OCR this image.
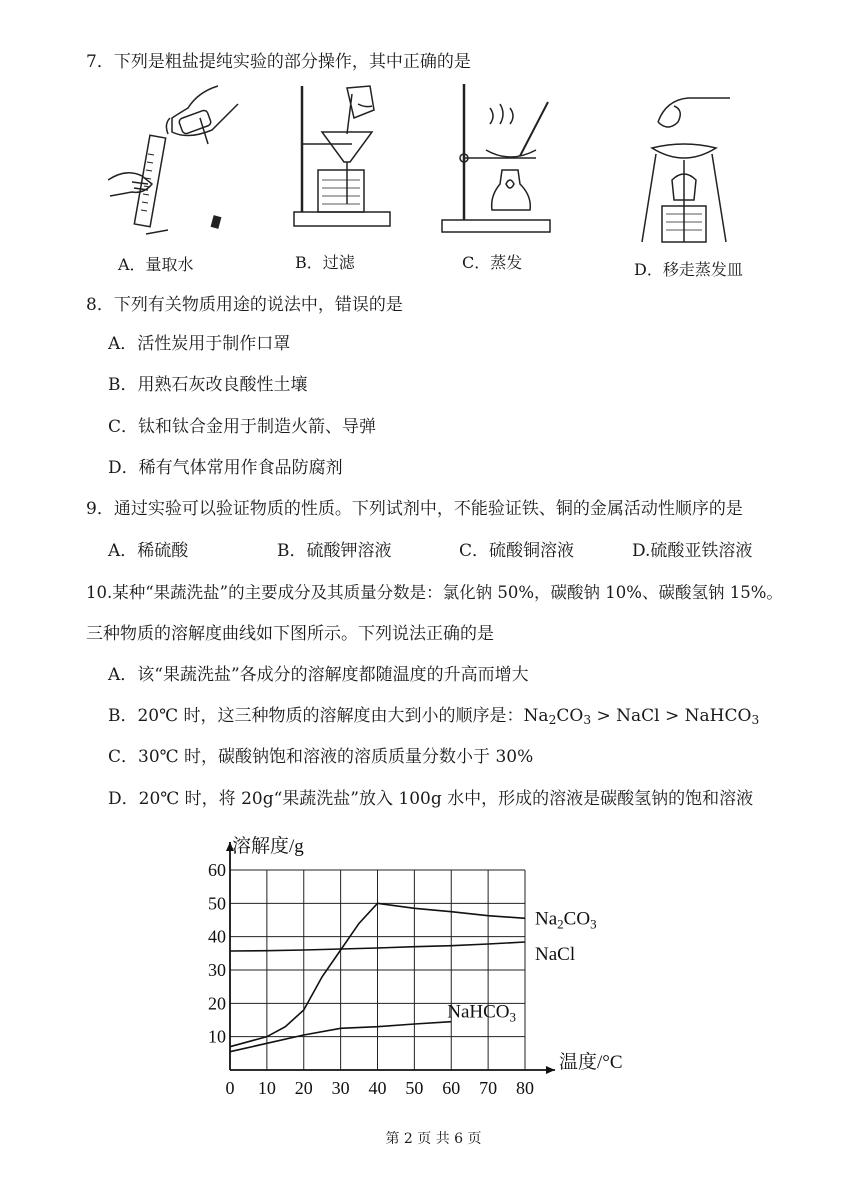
7．下列是粗盐提纯实验的部分操作，其中正确的是
A．量取水	B．过滤	C．蒸发	D．移走蒸发皿
8．下列有关物质用途的说法中，错误的是
A．活性炭用于制作口罩
B．用熟石灰改良酸性土壤
C．钛和钛合金用于制造火箭、导弹
D．稀有气体常用作食品防腐剂
9．通过实验可以验证物质的性质。下列试剂中，不能验证铁、铜的金属活动性顺序的是
A．稀硫酸	B．硫酸钾溶液	C．硫酸铜溶液	D.硫酸亚铁溶液
10.某种“果蔬洗盐”的主要成分及其质量分数是：氯化钠 50%，碳酸钠 10%、碳酸氢钠 15%。
三种物质的溶解度曲线如下图所示。下列说法正确的是
A．该“果蔬洗盐”各成分的溶解度都随温度的升高而增大
B．20℃ 时，这三种物质的溶解度由大到小的顺序是：$Na_2CO_3$ > NaCl > NaHCO$_3$
C．30℃ 时，碳酸钠饱和溶液的溶质质量分数小于 30%
D．20℃ 时，将 20g“果蔬洗盐”放入 100g 水中，形成的溶液是碳酸氢钠的饱和溶液
0 10 20 30 40 50 60 70 80
10
20
30
40
50
60
溶解度/g
温度/°C
$Na_2CO_3$
NaCl
NaHCO$_3$
第 2 页 共 6 页
